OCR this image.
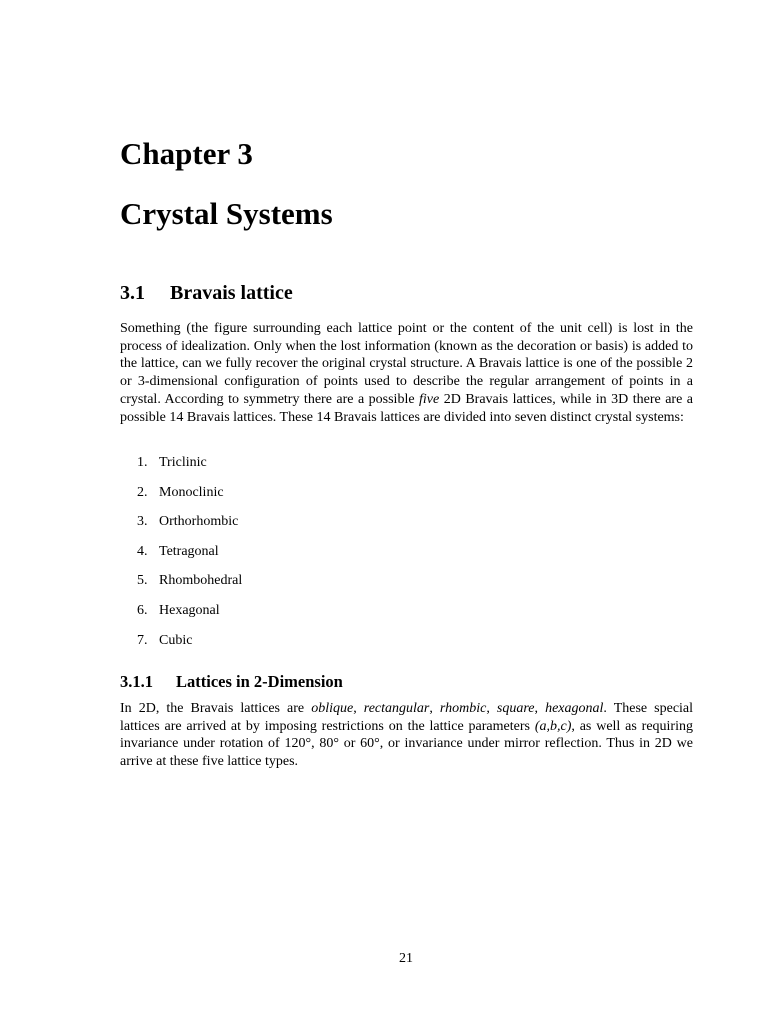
Chapter 3
Crystal Systems
3.1 Bravais lattice
Something (the figure surrounding each lattice point or the content of the unit cell) is lost in the process of idealization. Only when the lost information (known as the decoration or basis) is added to the lattice, can we fully recover the original crystal structure. A Bravais lattice is one of the possible 2 or 3-dimensional configuration of points used to describe the regular arrangement of points in a crystal. According to symmetry there are a possible five 2D Bravais lattices, while in 3D there are a possible 14 Bravais lattices. These 14 Bravais lattices are divided into seven distinct crystal systems:
1. Triclinic
2. Monoclinic
3. Orthorhombic
4. Tetragonal
5. Rhombohedral
6. Hexagonal
7. Cubic
3.1.1 Lattices in 2-Dimension
In 2D, the Bravais lattices are oblique, rectangular, rhombic, square, hexagonal. These special lattices are arrived at by imposing restrictions on the lattice parameters (a,b,c), as well as requiring invariance under rotation of 120°, 80° or 60°, or invariance under mirror reflection. Thus in 2D we arrive at these five lattice types.
21
